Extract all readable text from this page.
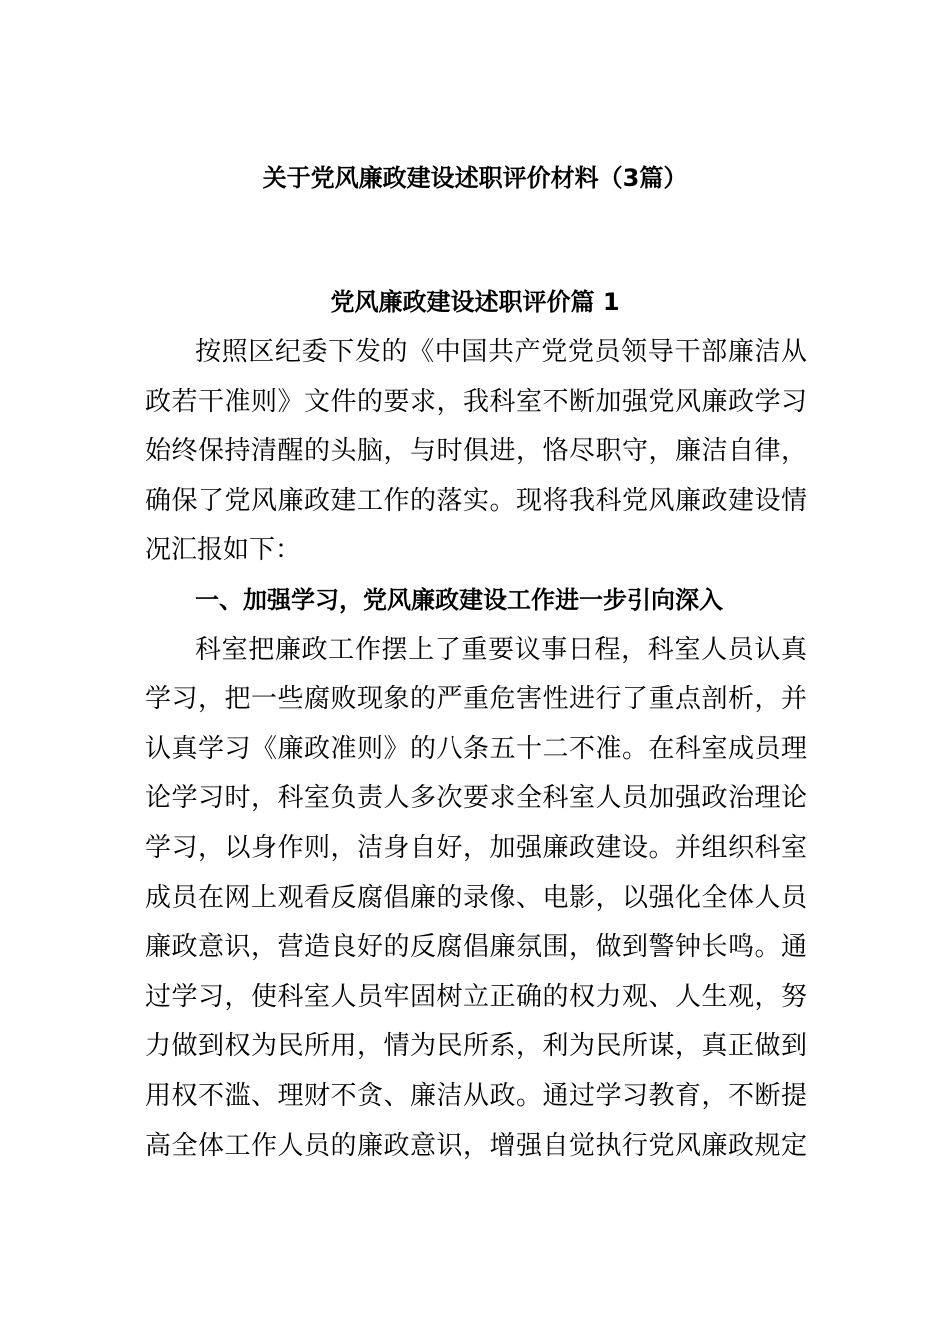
关于党风廉政建设述职评价材料（3篇）
党风廉政建设述职评价篇 1
按照区纪委下发的《中国共产党党员领导干部廉洁从
政若干准则》文件的要求，我科室不断加强党风廉政学习
始终保持清醒的头脑，与时俱进，恪尽职守，廉洁自律，
确保了党风廉政建工作的落实。现将我科党风廉政建设情
况汇报如下：
一、加强学习，党风廉政建设工作进一步引向深入
科室把廉政工作摆上了重要议事日程，科室人员认真
学习，把一些腐败现象的严重危害性进行了重点剖析，并
认真学习《廉政准则》的八条五十二不准。在科室成员理
论学习时，科室负责人多次要求全科室人员加强政治理论
学习，以身作则，洁身自好，加强廉政建设。并组织科室
成员在网上观看反腐倡廉的录像、电影，以强化全体人员
廉政意识，营造良好的反腐倡廉氛围，做到警钟长鸣。通
过学习，使科室人员牢固树立正确的权力观、人生观，努
力做到权为民所用，情为民所系，利为民所谋，真正做到
用权不滥、理财不贪、廉洁从政。通过学习教育，不断提
高全体工作人员的廉政意识，增强自觉执行党风廉政规定
